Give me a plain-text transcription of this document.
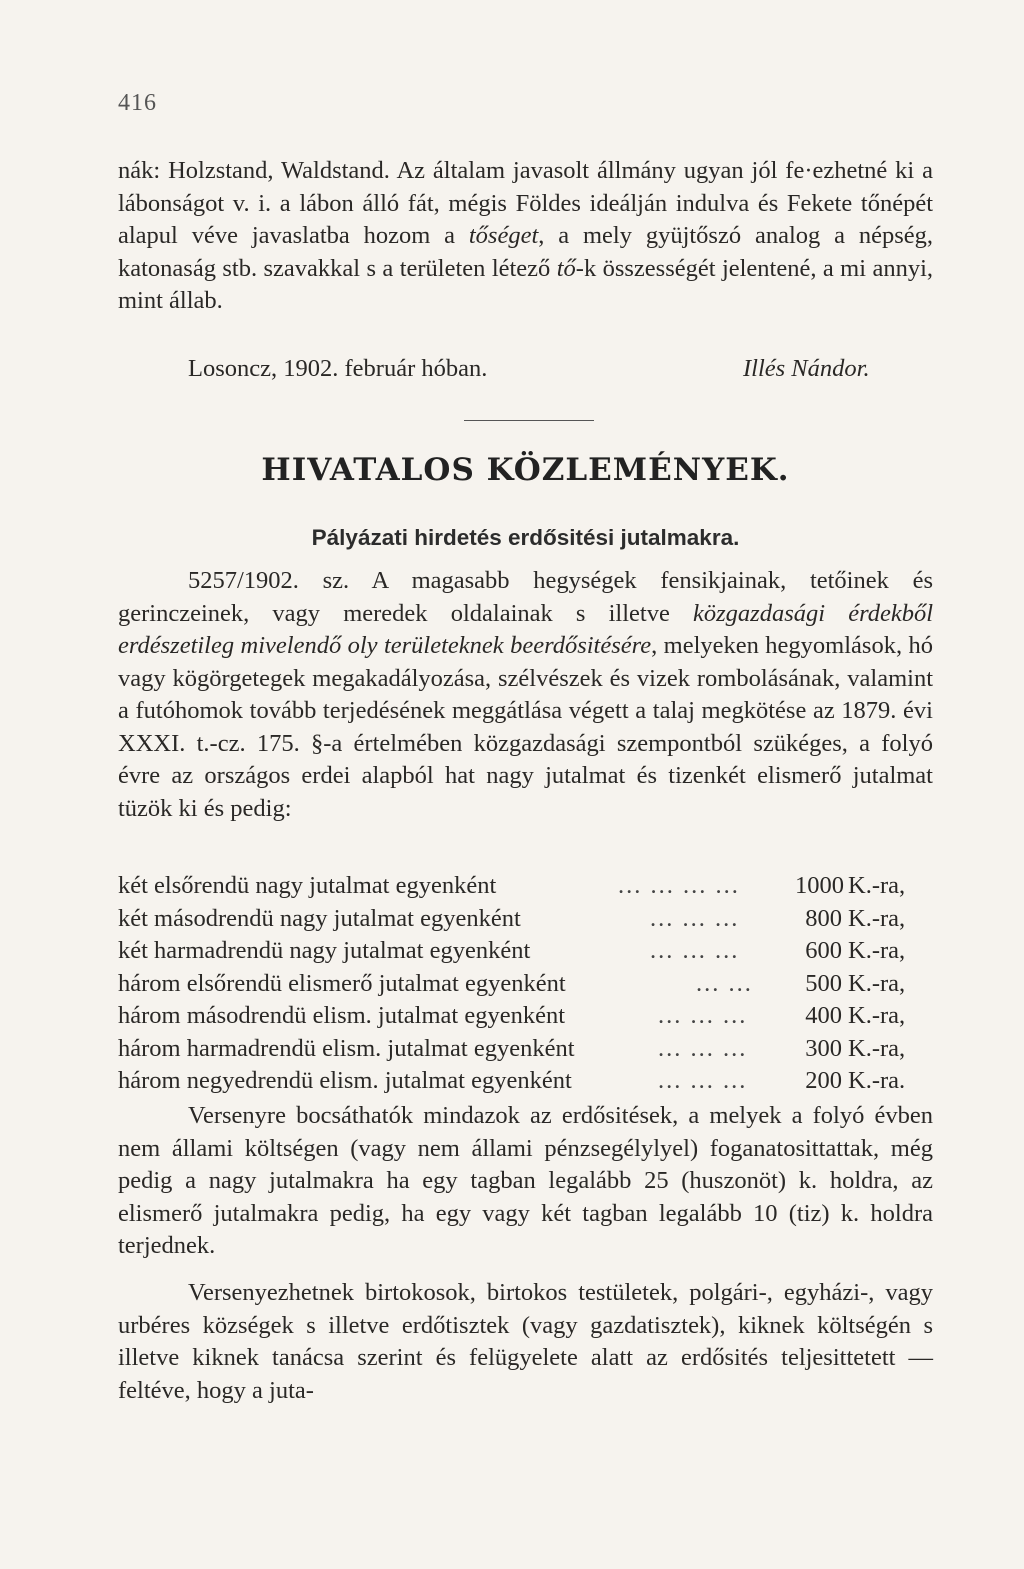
416

nák: Holzstand, Waldstand. Az általam javasolt állmány ugyan jól fe·ezhetné ki a lábonságot v. i. a lábon álló fát, mégis Földes ideálján indulva és Fekete tőnépét alapul véve javaslatba hozom a tőséget, a mely gyüjtőszó analog a népség, katonaság stb. szavakkal s a területen létező tő-k összességét jelentené, a mi annyi, mint állab.

Losoncz, 1902. február hóban.	Illés Nándor.
HIVATALOS KÖZLEMÉNYEK.
Pályázati hirdetés erdősitési jutalmakra.

5257/1902. sz. A magasabb hegységek fensikjainak, tetőinek és gerinczeinek, vagy meredek oldalainak s illetve közgazdasági érdekből erdészetileg mivelendő oly területeknek beerdősitésére, melyeken hegyomlások, hó vagy kögörgetegek megakadályozása, szélvészek és vizek rombolásának, valamint a futóhomok tovább terjedésének meggátlása végett a talaj megkötése az 1879. évi XXXI. t.-cz. 175. §-a értelmében közgazdasági szempontból szükéges, a folyó évre az országos erdei alapból hat nagy jutalmat és tizenkét elismerő jutalmat tüzök ki és pedig:

két elsőrendü nagy jutalmat egyenként	... ... ... ...	1000 K.-ra,
két másodrendü nagy jutalmat egyenként	... ... ...	800 K.-ra,
két harmadrendü nagy jutalmat egyenként	... ... ...	600 K.-ra,
három elsőrendü elismerő jutalmat egyenként	... ...	500 K.-ra,
három másodrendü elism. jutalmat egyenként	... ... ...	400 K.-ra,
három harmadrendü elism. jutalmat egyenként	... ... ...	300 K.-ra,
három negyedrendü elism. jutalmat egyenként	... ... ...	200 K.-ra.

Versenyre bocsáthatók mindazok az erdősitések, a melyek a folyó évben nem állami költségen (vagy nem állami pénzsegélylyel) foganatosittattak, még pedig a nagy jutalmakra ha egy tagban legalább 25 (huszonöt) k. holdra, az elismerő jutalmakra pedig, ha egy vagy két tagban legalább 10 (tiz) k. holdra terjednek.

Versenyezhetnek birtokosok, birtokos testületek, polgári-, egyházi-, vagy urbéres községek s illetve erdőtisztek (vagy gazdatisztek), kiknek költségén s illetve kiknek tanácsa szerint és felügyelete alatt az erdősités teljesittetett — feltéve, hogy a juta-
